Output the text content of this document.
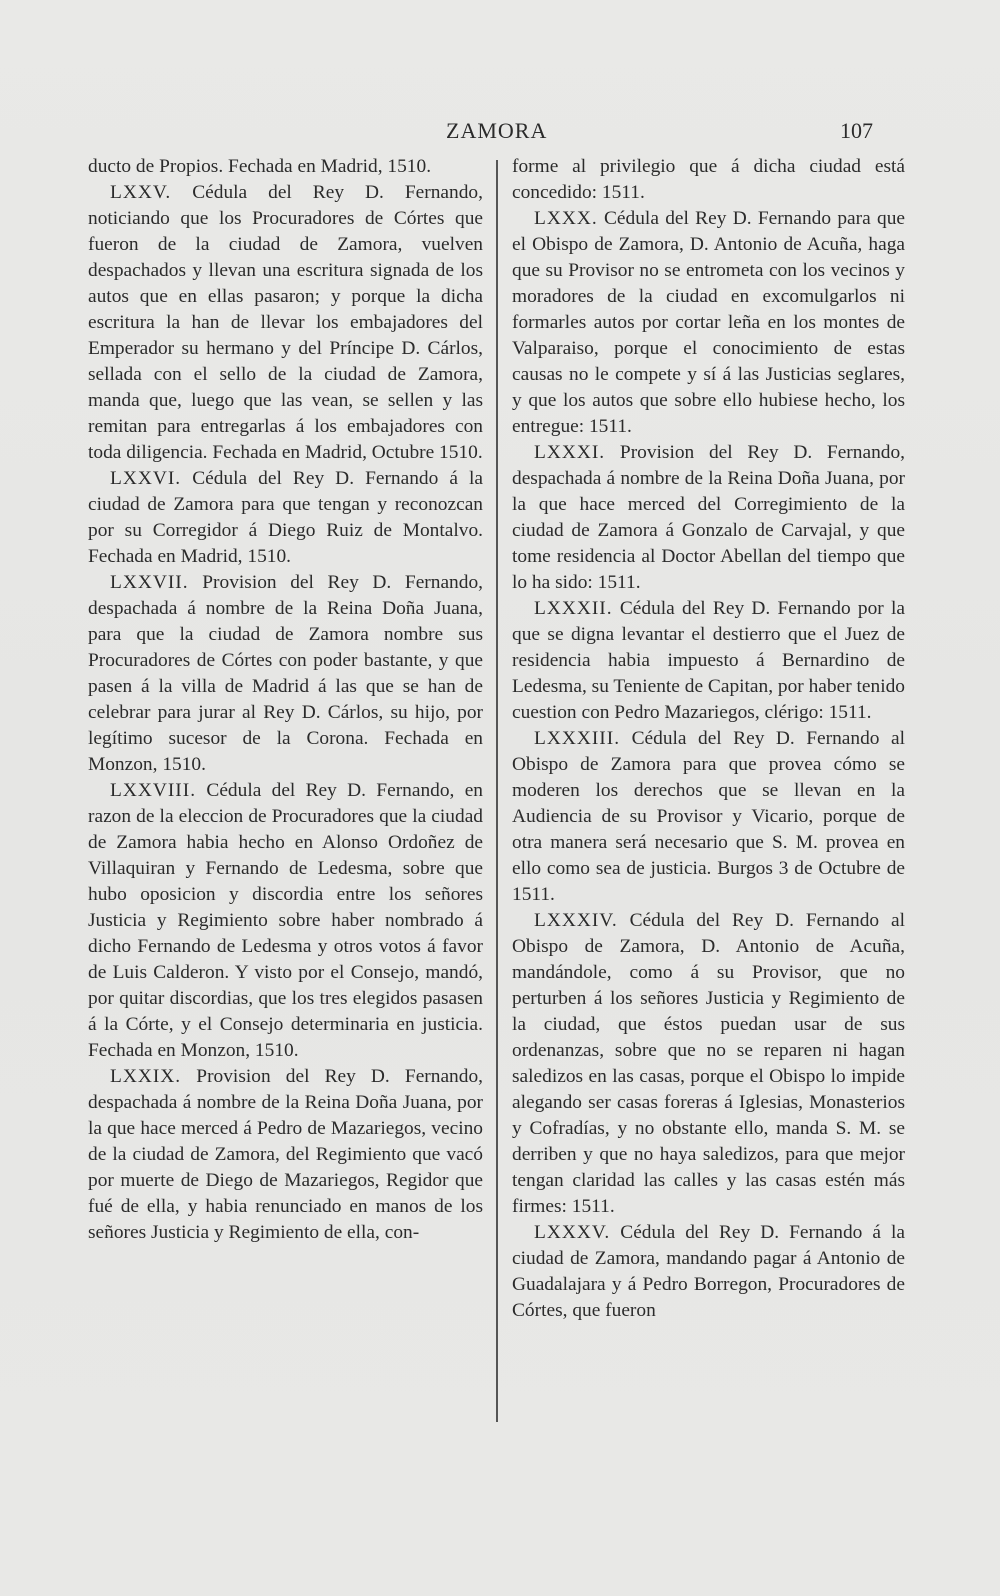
ZAMORA	107

ducto de Propios. Fechada en Madrid, 1510.

LXXV. Cédula del Rey D. Fernando, noticiando que los Procuradores de Córtes que fueron de la ciudad de Zamora, vuelven despachados y llevan una escritura signada de los autos que en ellas pasaron; y porque la dicha escritura la han de llevar los embajadores del Emperador su hermano y del Príncipe D. Cárlos, sellada con el sello de la ciudad de Zamora, manda que, luego que las vean, se sellen y las remitan para entregarlas á los embajadores con toda diligencia. Fechada en Madrid, Octubre 1510.

LXXVI. Cédula del Rey D. Fernando á la ciudad de Zamora para que tengan y reconozcan por su Corregidor á Diego Ruiz de Montalvo. Fechada en Madrid, 1510.

LXXVII. Provision del Rey D. Fernando, despachada á nombre de la Reina Doña Juana, para que la ciudad de Zamora nombre sus Procuradores de Córtes con poder bastante, y que pasen á la villa de Madrid á las que se han de celebrar para jurar al Rey D. Cárlos, su hijo, por legítimo sucesor de la Corona. Fechada en Monzon, 1510.

LXXVIII. Cédula del Rey D. Fernando, en razon de la eleccion de Procuradores que la ciudad de Zamora habia hecho en Alonso Ordoñez de Villaquiran y Fernando de Ledesma, sobre que hubo oposicion y discordia entre los señores Justicia y Regimiento sobre haber nombrado á dicho Fernando de Ledesma y otros votos á favor de Luis Calderon. Y visto por el Consejo, mandó, por quitar discordias, que los tres elegidos pasasen á la Córte, y el Consejo determinaria en justicia. Fechada en Monzon, 1510.

LXXIX. Provision del Rey D. Fernando, despachada á nombre de la Reina Doña Juana, por la que hace merced á Pedro de Mazariegos, vecino de la ciudad de Zamora, del Regimiento que vacó por muerte de Diego de Mazariegos, Regidor que fué de ella, y habia renunciado en manos de los señores Justicia y Regimiento de ella, con-

forme al privilegio que á dicha ciudad está concedido: 1511.

LXXX. Cédula del Rey D. Fernando para que el Obispo de Zamora, D. Antonio de Acuña, haga que su Provisor no se entrometa con los vecinos y moradores de la ciudad en excomulgarlos ni formarles autos por cortar leña en los montes de Valparaiso, porque el conocimiento de estas causas no le compete y sí á las Justicias seglares, y que los autos que sobre ello hubiese hecho, los entregue: 1511.

LXXXI. Provision del Rey D. Fernando, despachada á nombre de la Reina Doña Juana, por la que hace merced del Corregimiento de la ciudad de Zamora á Gonzalo de Carvajal, y que tome residencia al Doctor Abellan del tiempo que lo ha sido: 1511.

LXXXII. Cédula del Rey D. Fernando por la que se digna levantar el destierro que el Juez de residencia habia impuesto á Bernardino de Ledesma, su Teniente de Capitan, por haber tenido cuestion con Pedro Mazariegos, clérigo: 1511.

LXXXIII. Cédula del Rey D. Fernando al Obispo de Zamora para que provea cómo se moderen los derechos que se llevan en la Audiencia de su Provisor y Vicario, porque de otra manera será necesario que S. M. provea en ello como sea de justicia. Burgos 3 de Octubre de 1511.

LXXXIV. Cédula del Rey D. Fernando al Obispo de Zamora, D. Antonio de Acuña, mandándole, como á su Provisor, que no perturben á los señores Justicia y Regimiento de la ciudad, que éstos puedan usar de sus ordenanzas, sobre que no se reparen ni hagan saledizos en las casas, porque el Obispo lo impide alegando ser casas foreras á Iglesias, Monasterios y Cofradías, y no obstante ello, manda S. M. se derriben y que no haya saledizos, para que mejor tengan claridad las calles y las casas estén más firmes: 1511.

LXXXV. Cédula del Rey D. Fernando á la ciudad de Zamora, mandando pagar á Antonio de Guadalajara y á Pedro Borregon, Procuradores de Córtes, que fueron
